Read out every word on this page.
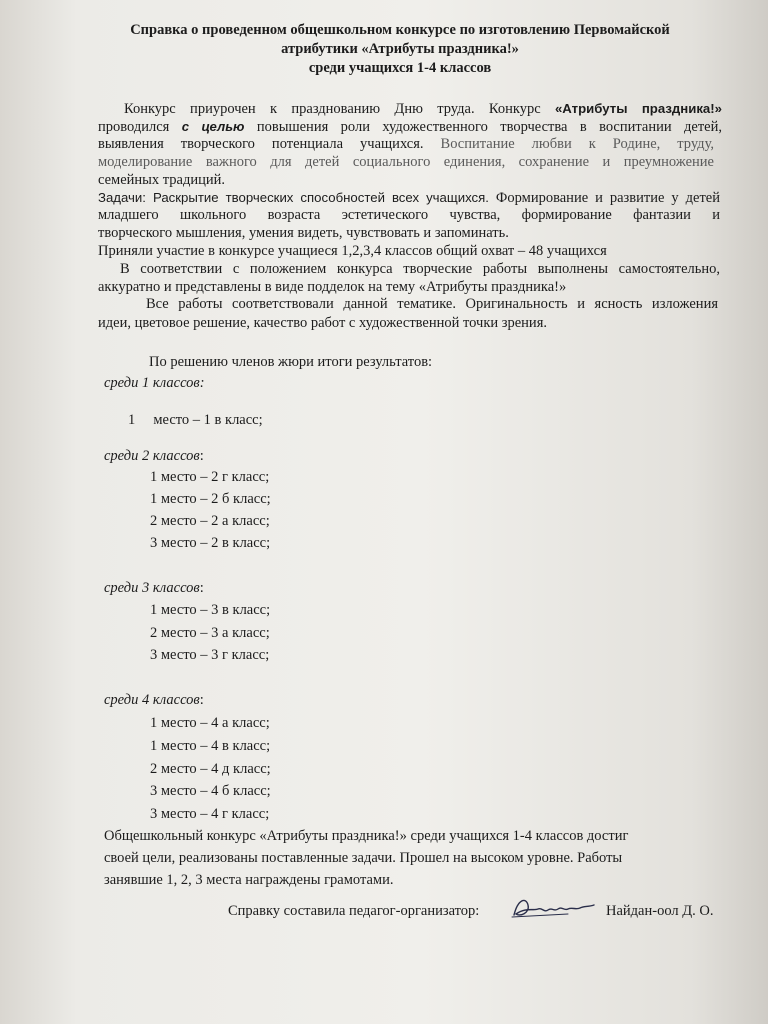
Справка о проведенном общешкольном конкурсе по изготовлению Первомайской
атрибутики «Атрибуты праздника!»
среди учащихся 1-4 классов
Конкурс приурочен к празднованию Дню труда. Конкурс «Атрибуты праздника!»
проводился с целью повышения роли художественного творчества в воспитании детей,
выявления творческого потенциала учащихся. Воспитание любви к Родине, труду,
моделирование важного для детей социального единения, сохранение и преумножение
семейных традиций.
Задачи: Раскрытие творческих способностей всех учащихся. Формирование и развитие у детей
младшего школьного возраста эстетического чувства, формирование фантазии и
творческого мышления, умения видеть, чувствовать и запоминать.
Приняли участие в конкурсе учащиеся 1,2,3,4 классов общий охват – 48 учащихся
В соответствии с положением конкурса творческие работы выполнены самостоятельно,
аккуратно и представлены в виде подделок на тему «Атрибуты праздника!»
Все работы соответствовали данной тематике. Оригинальность и ясность изложения
идеи, цветовое решение, качество работ с художественной точки зрения.
По решению членов жюри итоги результатов:
среди 1 классов:
1     место – 1 в класс;
среди 2 классов:
1 место – 2 г класс;
1 место – 2 б класс;
2 место – 2 а класс;
3 место – 2 в класс;
среди 3 классов:
1 место – 3 в класс;
2 место – 3 а класс;
3 место – 3 г класс;
среди 4 классов:
1 место – 4 а класс;
1 место – 4 в класс;
2 место – 4 д класс;
3 место – 4 б класс;
3 место – 4 г класс;
Общешкольный конкурс «Атрибуты праздника!» среди учащихся 1-4 классов достиг
своей цели, реализованы поставленные задачи. Прошел на высоком уровне. Работы
занявшие 1, 2, 3 места награждены грамотами.
Справку составила педагог-организатор:	Найдан-оол Д. О.
